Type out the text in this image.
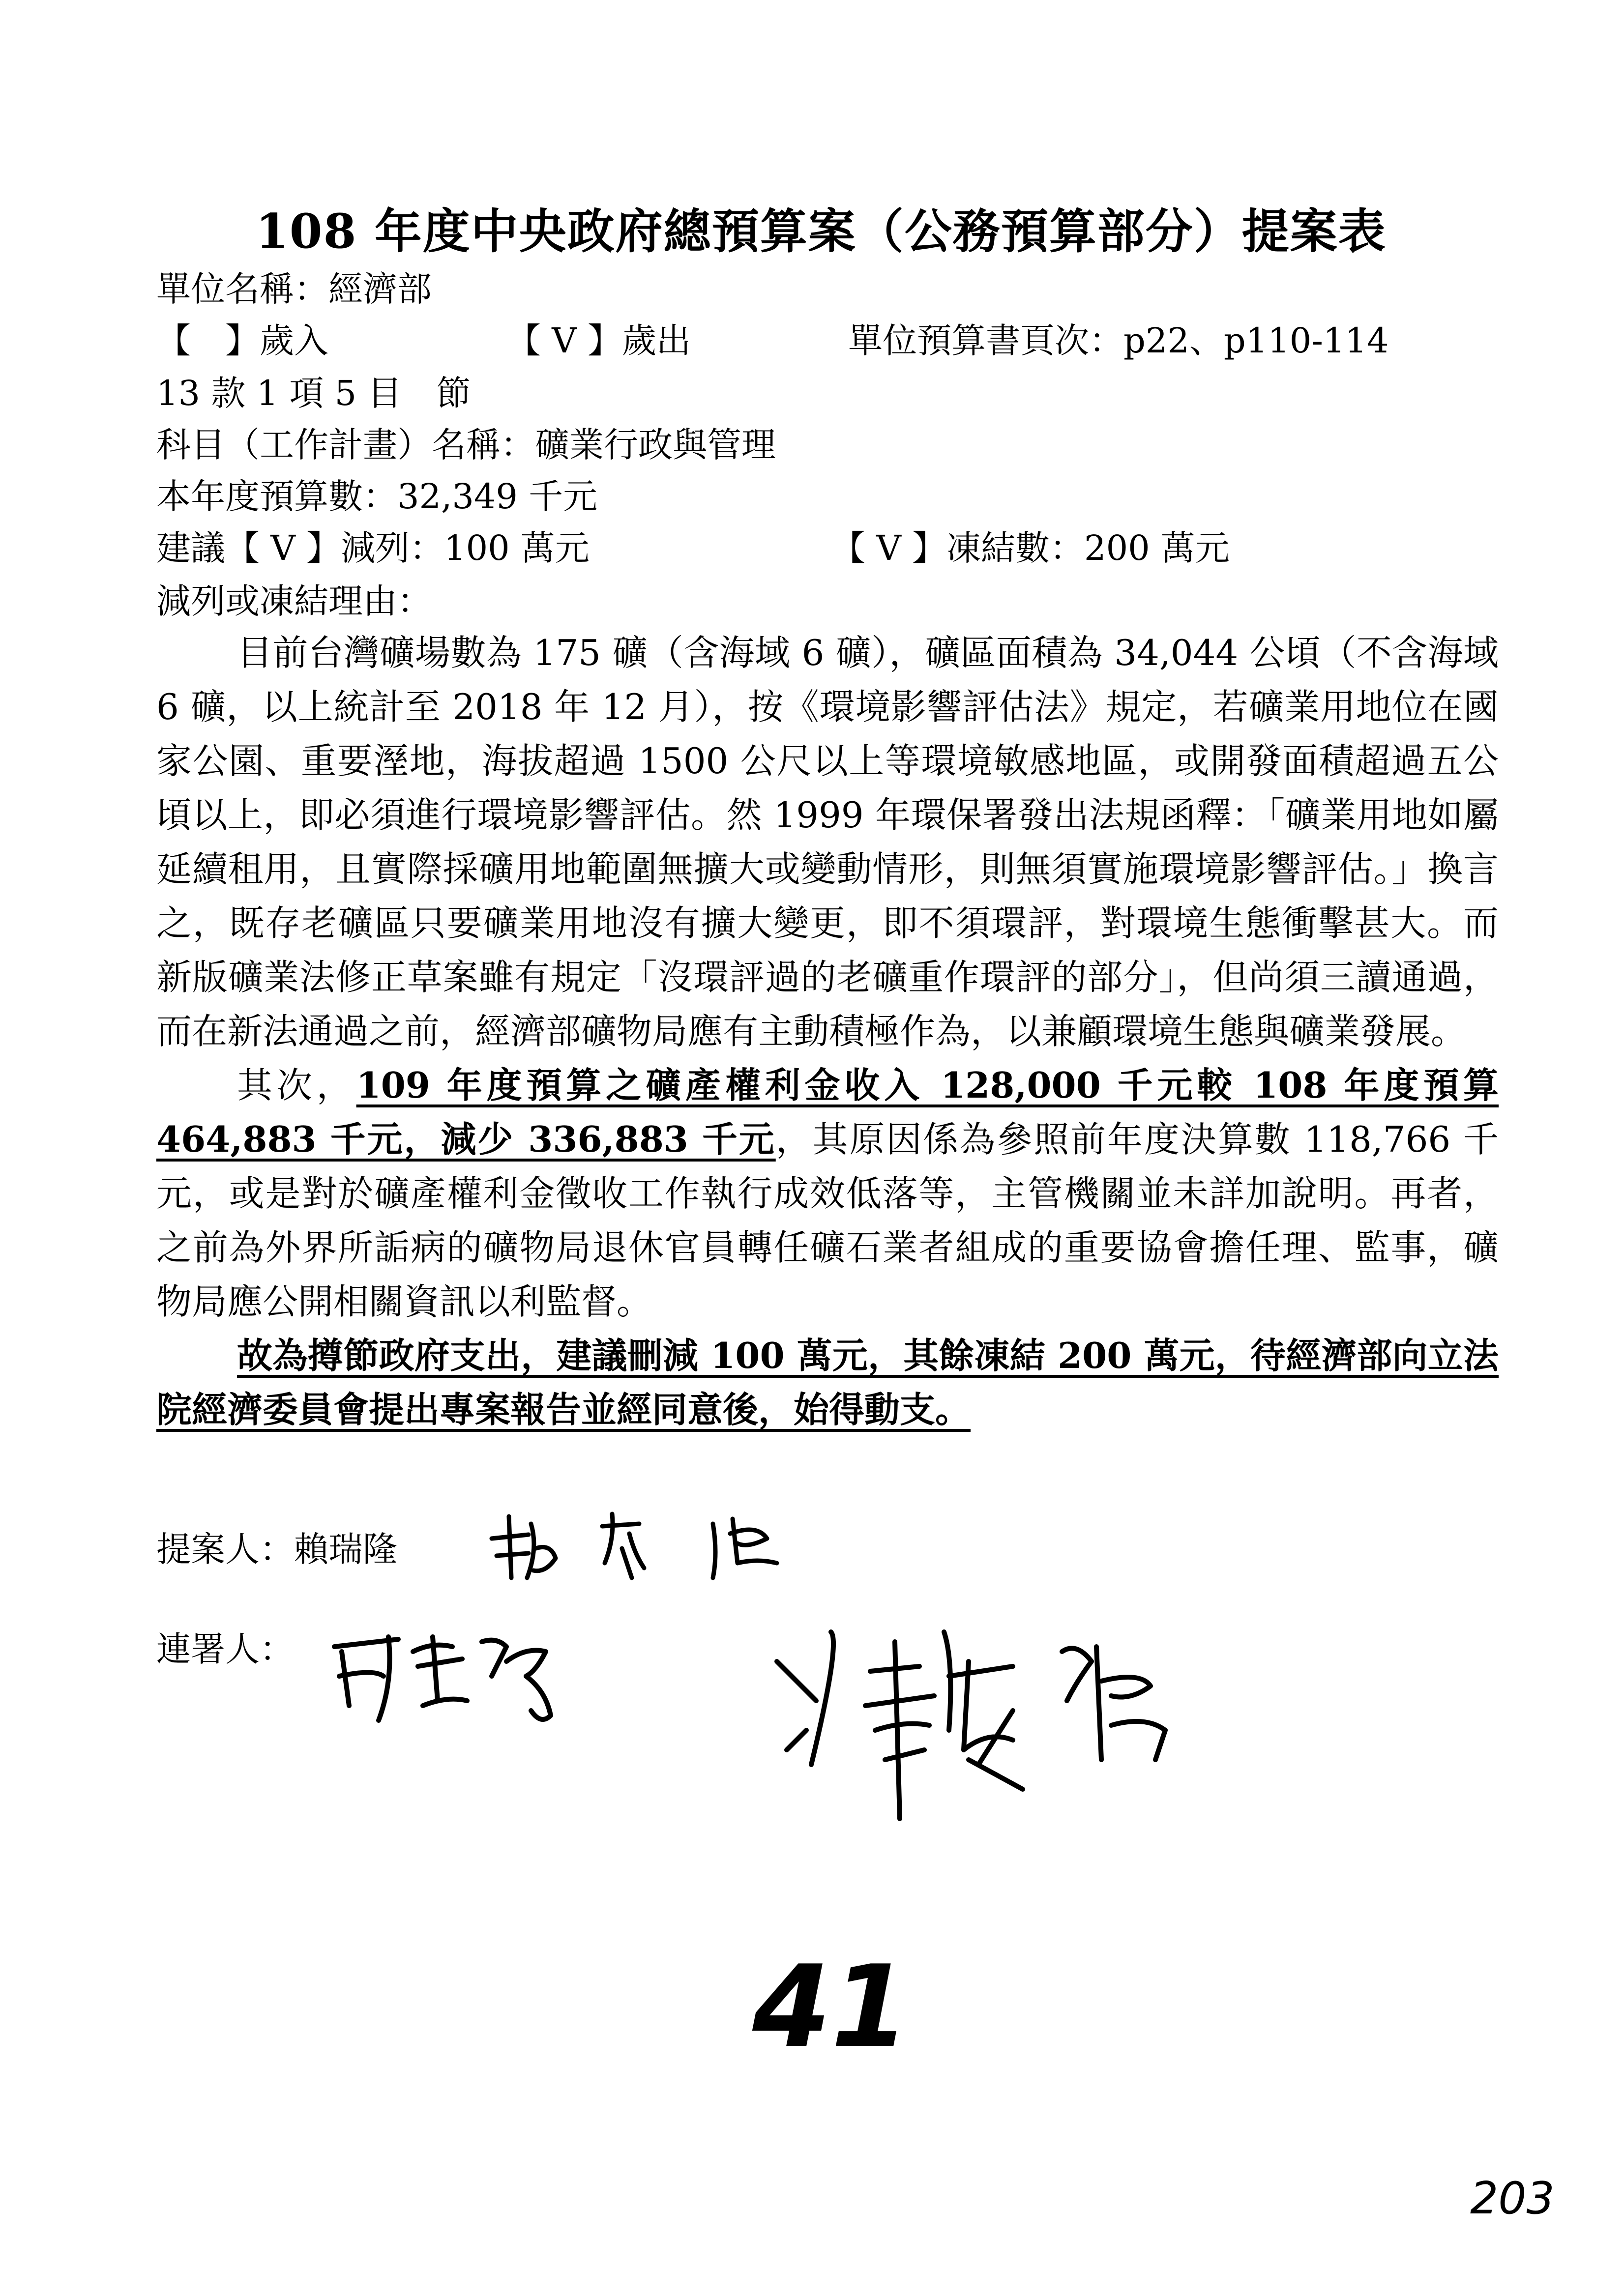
108 年度中央政府總預算案（公務預算部分）提案表
單位名稱：經濟部
【　】歲入	【 V 】歲出	單位預算書頁次：p22、p110-114
13 款 1 項 5 目　節
科目（工作計畫）名稱：礦業行政與管理
本年度預算數：32,349 千元
建議【 V 】減列：100 萬元	【 V 】凍結數：200 萬元
減列或凍結理由：

目前台灣礦場數為 175 礦（含海域 6 礦），礦區面積為 34,044 公頃（不含海域 6 礦，以上統計至 2018 年 12 月），按《環境影響評估法》規定，若礦業用地位在國家公園、重要溼地，海拔超過 1500 公尺以上等環境敏感地區，或開發面積超過五公頃以上，即必須進行環境影響評估。然 1999 年環保署發出法規函釋：「礦業用地如屬延續租用，且實際採礦用地範圍無擴大或變動情形，則無須實施環境影響評估。」換言之，既存老礦區只要礦業用地沒有擴大變更，即不須環評，對環境生態衝擊甚大。而新版礦業法修正草案雖有規定「沒環評過的老礦重作環評的部分」，但尚須三讀通過，而在新法通過之前，經濟部礦物局應有主動積極作為，以兼顧環境生態與礦業發展。

其次，109 年度預算之礦產權利金收入 128,000 千元較 108 年度預算 464,883 千元，減少 336,883 千元，其原因係為參照前年度決算數 118,766 千元，或是對於礦產權利金徵收工作執行成效低落等，主管機關並未詳加說明。再者，之前為外界所詬病的礦物局退休官員轉任礦石業者組成的重要協會擔任理、監事，礦物局應公開相關資訊以利監督。

故為撙節政府支出，建議刪減 100 萬元，其餘凍結 200 萬元，待經濟部向立法院經濟委員會提出專案報告並經同意後，始得動支。

提案人：賴瑞隆
連署人：
41
203
